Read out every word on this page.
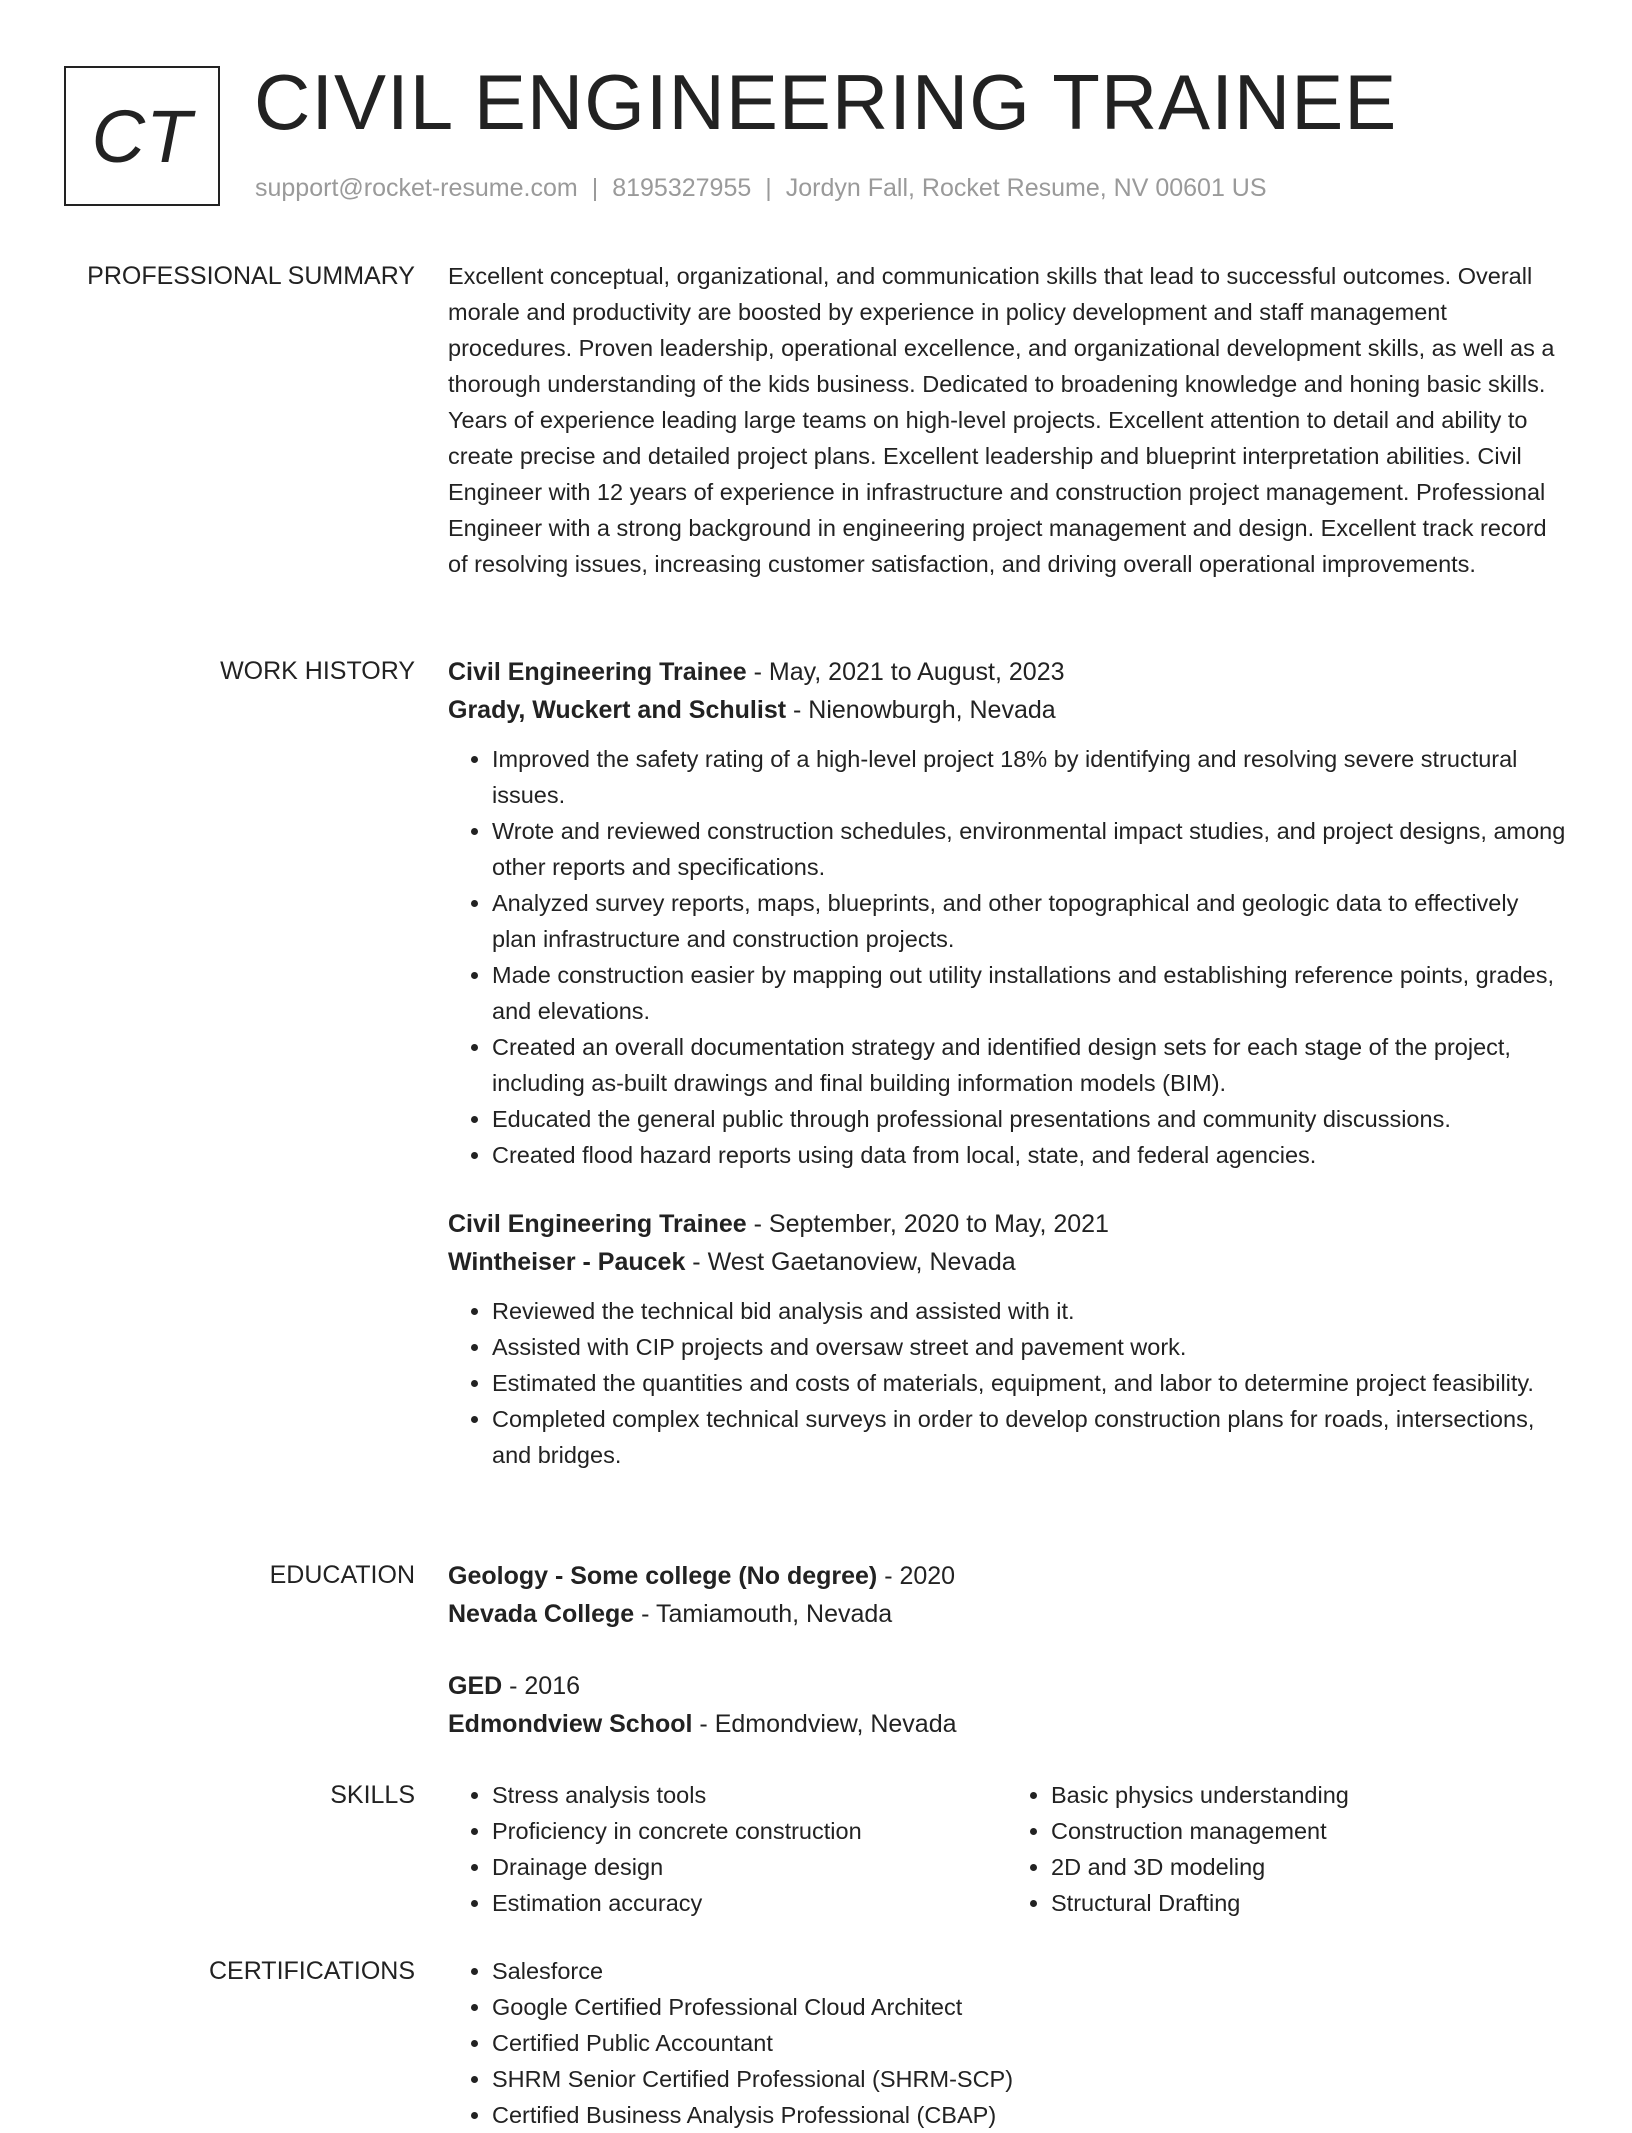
CT CIVIL ENGINEERING TRAINEE
support@rocket-resume.com | 8195327955 | Jordyn Fall, Rocket Resume, NV 00601 US
PROFESSIONAL SUMMARY Excellent conceptual, organizational, and communication skills that lead to successful outcomes. Overall morale and productivity are boosted by experience in policy development and staff management procedures. Proven leadership, operational excellence, and organizational development skills, as well as a thorough understanding of the kids business. Dedicated to broadening knowledge and honing basic skills. Years of experience leading large teams on high-level projects. Excellent attention to detail and ability to create precise and detailed project plans. Excellent leadership and blueprint interpretation abilities. Civil Engineer with 12 years of experience in infrastructure and construction project management. Professional Engineer with a strong background in engineering project management and design. Excellent track record of resolving issues, increasing customer satisfaction, and driving overall operational improvements.

WORK HISTORY Civil Engineering Trainee - May, 2021 to August, 2023
Grady, Wuckert and Schulist - Nienowburgh, Nevada
• Improved the safety rating of a high-level project 18% by identifying and resolving severe structural issues.
• Wrote and reviewed construction schedules, environmental impact studies, and project designs, among other reports and specifications.
• Analyzed survey reports, maps, blueprints, and other topographical and geologic data to effectively plan infrastructure and construction projects.
• Made construction easier by mapping out utility installations and establishing reference points, grades, and elevations.
• Created an overall documentation strategy and identified design sets for each stage of the project, including as-built drawings and final building information models (BIM).
• Educated the general public through professional presentations and community discussions.
• Created flood hazard reports using data from local, state, and federal agencies.
Civil Engineering Trainee - September, 2020 to May, 2021
Wintheiser - Paucek - West Gaetanoview, Nevada
• Reviewed the technical bid analysis and assisted with it.
• Assisted with CIP projects and oversaw street and pavement work.
• Estimated the quantities and costs of materials, equipment, and labor to determine project feasibility.
• Completed complex technical surveys in order to develop construction plans for roads, intersections, and bridges.
EDUCATION Geology - Some college (No degree) - 2020
Nevada College - Tamiamouth, Nevada
GED - 2016
Edmondview School - Edmondview, Nevada
SKILLS	• Stress analysis tools
• Proficiency in concrete construction
• Drainage design
• Estimation accuracy
• Basic physics understanding
• Construction management
• 2D and 3D modeling
• Structural Drafting
CERTIFICATIONS	• Salesforce
• Google Certified Professional Cloud Architect
• Certified Public Accountant
• SHRM Senior Certified Professional (SHRM-SCP)
• Certified Business Analysis Professional (CBAP)
